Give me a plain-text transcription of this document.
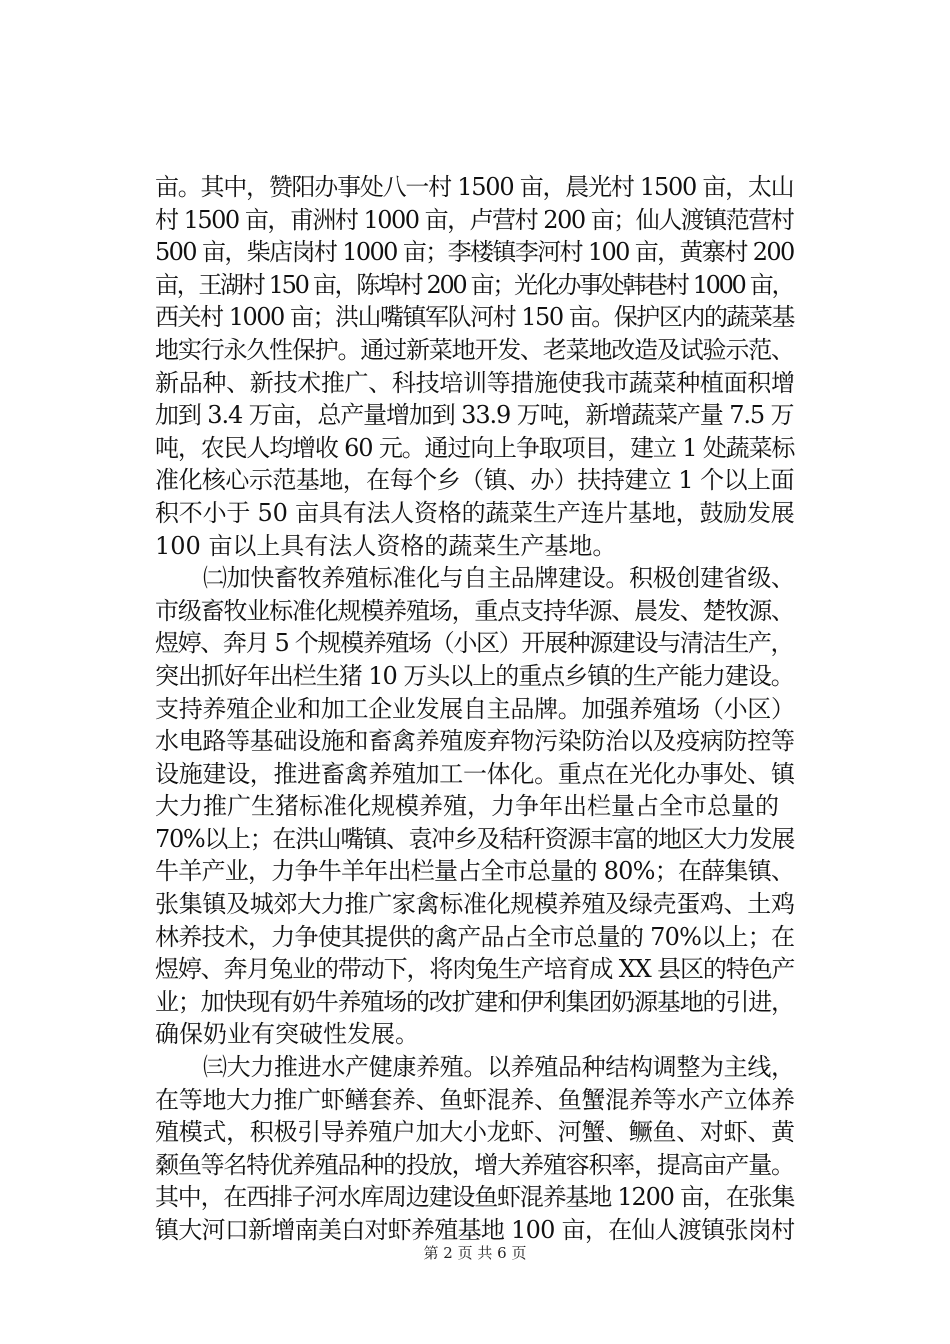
亩。其中，赞阳办事处八一村 1500 亩，晨光村 1500 亩，太山
村 1500 亩，甫洲村 1000 亩，卢营村 200 亩；仙人渡镇范营村
500 亩，柴店岗村 1000 亩；李楼镇李河村 100 亩，黄寨村 200
亩，王湖村 150 亩，陈埠村 200 亩；光化办事处韩巷村 1000 亩，
西关村 1000 亩；洪山嘴镇军队河村 150 亩。保护区内的蔬菜基
地实行永久性保护。通过新菜地开发、老菜地改造及试验示范、
新品种、新技术推广、科技培训等措施使我市蔬菜种植面积增
加到 3.4 万亩，总产量增加到 33.9 万吨，新增蔬菜产量 7.5 万
吨，农民人均增收 60 元。通过向上争取项目，建立 1 处蔬菜标
准化核心示范基地，在每个乡（镇、办）扶持建立 1 个以上面
积不小于 50 亩具有法人资格的蔬菜生产连片基地，鼓励发展
100 亩以上具有法人资格的蔬菜生产基地。
㈡加快畜牧养殖标准化与自主品牌建设。积极创建省级、
市级畜牧业标准化规模养殖场，重点支持华源、晨发、楚牧源、
煜婷、奔月 5 个规模养殖场（小区）开展种源建设与清洁生产，
突出抓好年出栏生猪 10 万头以上的重点乡镇的生产能力建设。
支持养殖企业和加工企业发展自主品牌。加强养殖场（小区）
水电路等基础设施和畜禽养殖废弃物污染防治以及疫病防控等
设施建设，推进畜禽养殖加工一体化。重点在光化办事处、镇
大力推广生猪标准化规模养殖，力争年出栏量占全市总量的
70%以上；在洪山嘴镇、袁冲乡及秸秆资源丰富的地区大力发展
牛羊产业，力争牛羊年出栏量占全市总量的 80%；在薛集镇、
张集镇及城郊大力推广家禽标准化规模养殖及绿壳蛋鸡、土鸡
林养技术，力争使其提供的禽产品占全市总量的 70%以上；在
煜婷、奔月兔业的带动下，将肉兔生产培育成 XX 县区的特色产
业；加快现有奶牛养殖场的改扩建和伊利集团奶源基地的引进，
确保奶业有突破性发展。
㈢大力推进水产健康养殖。以养殖品种结构调整为主线，
在等地大力推广虾鳝套养、鱼虾混养、鱼蟹混养等水产立体养
殖模式，积极引导养殖户加大小龙虾、河蟹、鳜鱼、对虾、黄
颡鱼等名特优养殖品种的投放，增大养殖容积率，提高亩产量。
其中，在西排子河水库周边建设鱼虾混养基地 1200 亩，在张集
镇大河口新增南美白对虾养殖基地 100 亩，在仙人渡镇张岗村
第 2 页 共 6 页
